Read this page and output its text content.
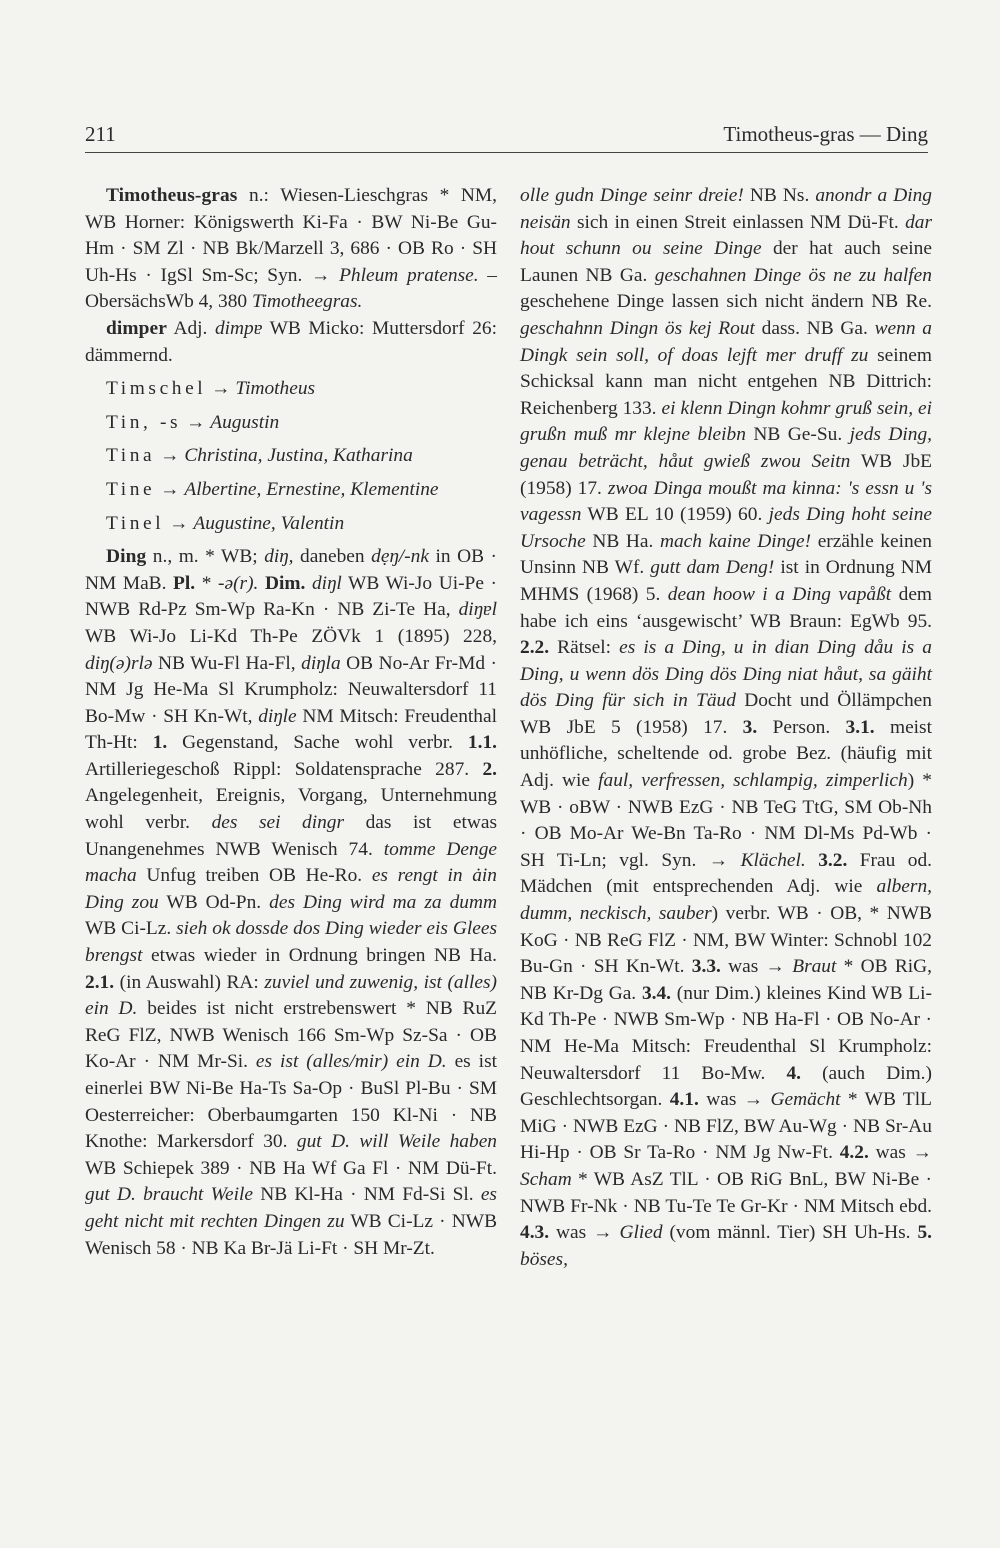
211	Timotheus-gras — Ding

Timotheus-gras n.: Wiesen-Lieschgras * NM, WB Horner: Königswerth Ki-Fa · BW Ni-Be Gu-Hm · SM Zl · NB Bk/Marzell 3, 686 · OB Ro · SH Uh-Hs · IgSl Sm-Sc; Syn. → Phleum pratense. – ObersächsWb 4, 380 Timotheegras.

dimper Adj. dimpɐ WB Micko: Muttersdorf 26: dämmernd.

Timschel → Timotheus

Tin, -s → Augustin

Tina → Christina, Justina, Katharina

Tine → Albertine, Ernestine, Klementine

Tinel → Augustine, Valentin

Ding n., m. * WB; diŋ, daneben dẹŋ/-nk in OB · NM MaB. Pl. * -ə(r). Dim. diŋl WB Wi-Jo Ui-Pe · NWB Rd-Pz Sm-Wp Ra-Kn · NB Zi-Te Ha, diŋɐl WB Wi-Jo Li-Kd Th-Pe ZÖVk 1 (1895) 228, diŋ(ə)rlə NB Wu-Fl Ha-Fl, diŋla OB No-Ar Fr-Md · NM Jg He-Ma Sl Krumpholz: Neuwaltersdorf 11 Bo-Mw · SH Kn-Wt, diŋle NM Mitsch: Freudenthal Th-Ht: 1. Gegenstand, Sache wohl verbr. 1.1. Artilleriegeschoß Rippl: Soldatensprache 287. 2. Angelegenheit, Ereignis, Vorgang, Unternehmung wohl verbr. des sei dingr das ist etwas Unangenehmes NWB Wenisch 74. tomme Denge macha Unfug treiben OB He-Ro. es rengt in ȧin Ding zou WB Od-Pn. des Ding wird ma za dumm WB Ci-Lz. sieh ok dossde dos Ding wieder eis Glees brengst etwas wieder in Ordnung bringen NB Ha. 2.1. (in Auswahl) RA: zuviel und zuwenig, ist (alles) ein D. beides ist nicht erstrebenswert * NB RuZ ReG FlZ, NWB Wenisch 166 Sm-Wp Sz-Sa · OB Ko-Ar · NM Mr-Si. es ist (alles/mir) ein D. es ist einerlei BW Ni-Be Ha-Ts Sa-Op · BuSl Pl-Bu · SM Oesterreicher: Oberbaumgarten 150 Kl-Ni · NB Knothe: Markersdorf 30. gut D. will Weile haben WB Schiepek 389 · NB Ha Wf Ga Fl · NM Dü-Ft. gut D. braucht Weile NB Kl-Ha · NM Fd-Si Sl. es geht nicht mit rechten Dingen zu WB Ci-Lz · NWB Wenisch 58 · NB Ka Br-Jä Li-Ft · SH Mr-Zt.

olle gudn Dinge seinr dreie! NB Ns. anondr a Ding neisän sich in einen Streit einlassen NM Dü-Ft. dar hout schunn ou seine Dinge der hat auch seine Launen NB Ga. geschahnen Dinge ös ne zu halfen geschehene Dinge lassen sich nicht ändern NB Re. geschahnn Dingn ös kej Rout dass. NB Ga. wenn a Dingk sein soll, of doas lejft mer druff zu seinem Schicksal kann man nicht entgehen NB Dittrich: Reichenberg 133. ei klenn Dingn kohmr gruß sein, ei grußn muß mr klejne bleibn NB Ge-Su. jeds Ding, genau beträcht, håut gwieß zwou Seitn WB JbE (1958) 17. zwoa Dinga moußt ma kinna: 's essn u 's vagessn WB EL 10 (1959) 60. jeds Ding hoht seine Ursoche NB Ha. mach kaine Dinge! erzähle keinen Unsinn NB Wf. gutt dam Deng! ist in Ordnung NM MHMS (1968) 5. dean hoow i a Ding vapåßt dem habe ich eins ‘ausgewischt’ WB Braun: EgWb 95. 2.2. Rätsel: es is a Ding, u in dian Ding dåu is a Ding, u wenn dös Ding dös Ding niat håut, sa gäiht dös Ding für sich in Täud Docht und Öllämpchen WB JbE 5 (1958) 17. 3. Person. 3.1. meist unhöfliche, scheltende od. grobe Bez. (häufig mit Adj. wie faul, verfressen, schlampig, zimperlich) * WB · oBW · NWB EzG · NB TeG TtG, SM Ob-Nh · OB Mo-Ar We-Bn Ta-Ro · NM Dl-Ms Pd-Wb · SH Ti-Ln; vgl. Syn. → Klächel. 3.2. Frau od. Mädchen (mit entsprechenden Adj. wie albern, dumm, neckisch, sauber) verbr. WB · OB, * NWB KoG · NB ReG FlZ · NM, BW Winter: Schnobl 102 Bu-Gn · SH Kn-Wt. 3.3. was → Braut * OB RiG, NB Kr-Dg Ga. 3.4. (nur Dim.) kleines Kind WB Li-Kd Th-Pe · NWB Sm-Wp · NB Ha-Fl · OB No-Ar · NM He-Ma Mitsch: Freudenthal Sl Krumpholz: Neuwaltersdorf 11 Bo-Mw. 4. (auch Dim.) Geschlechtsorgan. 4.1. was → Gemächt * WB TlL MiG · NWB EzG · NB FlZ, BW Au-Wg · NB Sr-Au Hi-Hp · OB Sr Ta-Ro · NM Jg Nw-Ft. 4.2. was → Scham * WB AsZ TlL · OB RiG BnL, BW Ni-Be · NWB Fr-Nk · NB Tu-Te Te Gr-Kr · NM Mitsch ebd. 4.3. was → Glied (vom männl. Tier) SH Uh-Hs. 5. böses,
